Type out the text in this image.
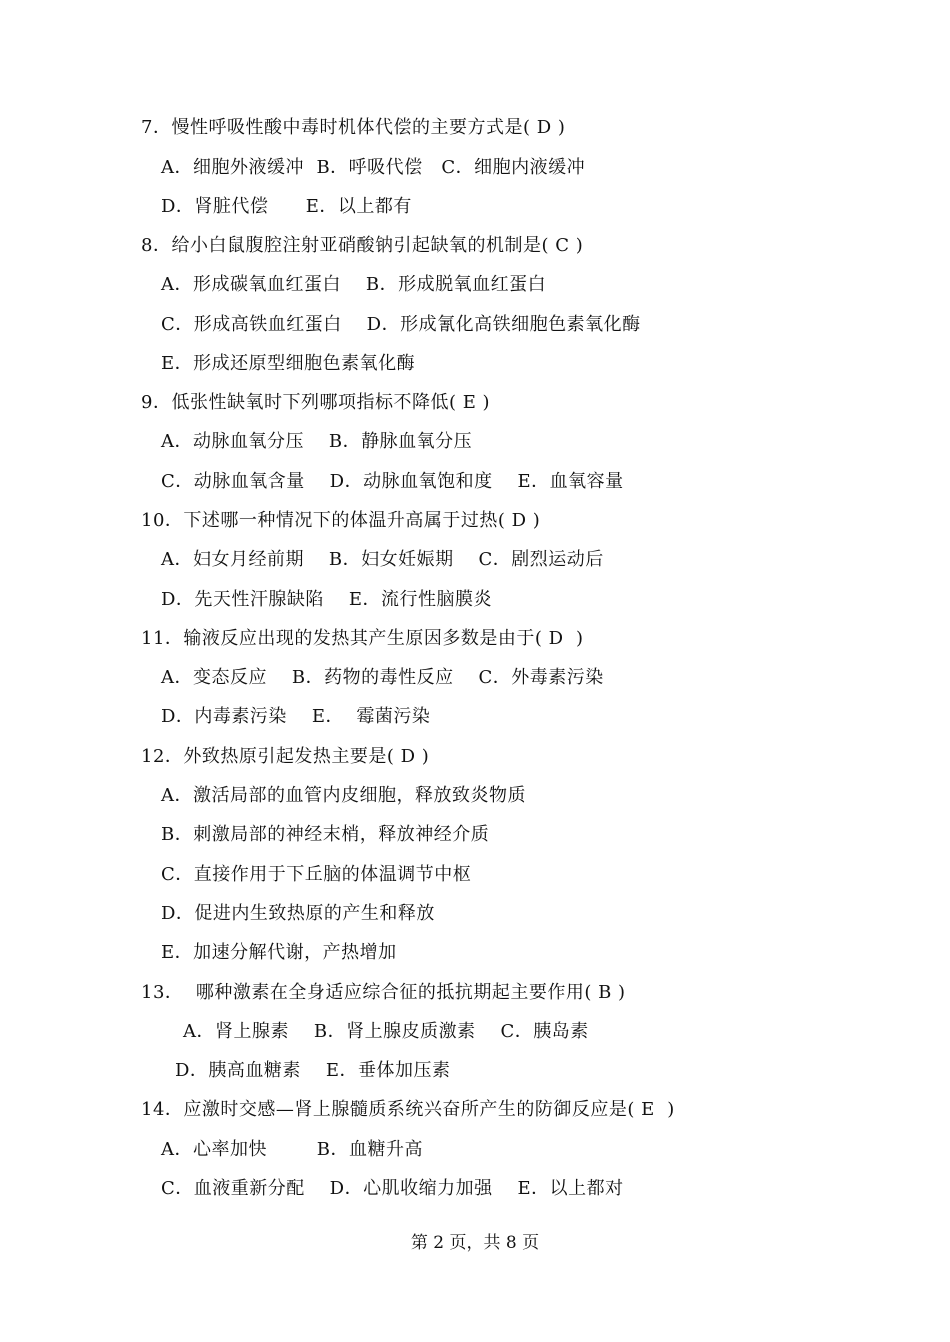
7．慢性呼吸性酸中毒时机体代偿的主要方式是( D )
A．细胞外液缓冲  B．呼吸代偿   C．细胞内液缓冲
D．肾脏代偿      E．以上都有
8．给小白鼠腹腔注射亚硝酸钠引起缺氧的机制是( C )
A．形成碳氧血红蛋白    B．形成脱氧血红蛋白
C．形成高铁血红蛋白    D．形成氰化高铁细胞色素氧化酶
E．形成还原型细胞色素氧化酶
9．低张性缺氧时下列哪项指标不降低( E )
A．动脉血氧分压    B．静脉血氧分压
C．动脉血氧含量    D．动脉血氧饱和度    E．血氧容量
10．下述哪一种情况下的体温升高属于过热( D )
A．妇女月经前期    B．妇女妊娠期    C．剧烈运动后
D．先天性汗腺缺陷    E．流行性脑膜炎
11．输液反应出现的发热其产生原因多数是由于( D  )
A．变态反应    B．药物的毒性反应    C．外毒素污染
D．内毒素污染    E．  霉菌污染
12．外致热原引起发热主要是( D )
A．激活局部的血管内皮细胞，释放致炎物质
B．刺激局部的神经末梢，释放神经介质
C．直接作用于下丘脑的体温调节中枢
D．促进内生致热原的产生和释放
E．加速分解代谢，产热增加
13．  哪种激素在全身适应综合征的抵抗期起主要作用( B )
A．肾上腺素    B．肾上腺皮质激素    C．胰岛素
D．胰高血糖素    E．垂体加压素
14．应激时交感—肾上腺髓质系统兴奋所产生的防御反应是( E  )
A．心率加快        B．血糖升高
C．血液重新分配    D．心肌收缩力加强    E．以上都对
第 2 页，共 8 页
